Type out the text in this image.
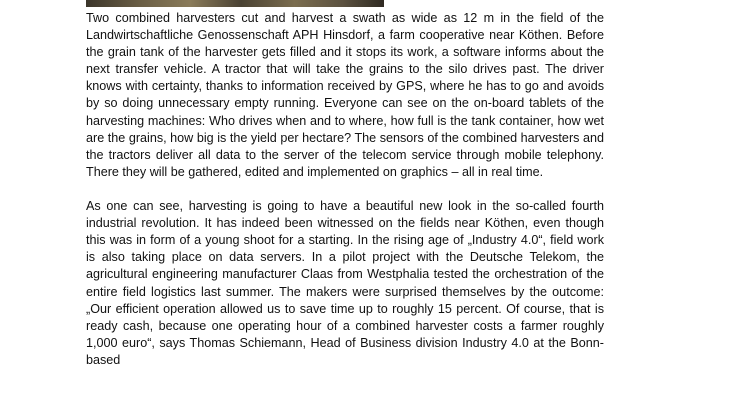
Two combined harvesters cut and harvest a swath as wide as 12 m in the field of the Landwirtschaftliche Genossenschaft APH Hinsdorf, a farm cooperative near Köthen. Before the grain tank of the harvester gets filled and it stops its work, a software informs about the next transfer vehicle. A tractor that will take the grains to the silo drives past. The driver knows with certainty, thanks to information received by GPS, where he has to go and avoids by so doing unnecessary empty running. Everyone can see on the on-board tablets of the harvesting machines: Who drives when and to where, how full is the tank container, how wet are the grains, how big is the yield per hectare? The sensors of the combined harvesters and the tractors deliver all data to the server of the telecom service through mobile telephony. There they will be gathered, edited and implemented on graphics – all in real time.

As one can see, harvesting is going to have a beautiful new look in the so-called fourth industrial revolution. It has indeed been witnessed on the fields near Köthen, even though this was in form of a young shoot for a starting. In the rising age of „Industry 4.0“, field work is also taking place on data servers. In a pilot project with the Deutsche Telekom, the agricultural engineering manufacturer Claas from Westphalia tested the orchestration of the entire field logistics last summer. The makers were surprised themselves by the outcome: „Our efficient operation allowed us to save time up to roughly 15 percent. Of course, that is ready cash, because one operating hour of a combined harvester costs a farmer roughly 1,000 euro“, says Thomas Schiemann, Head of Business division Industry 4.0 at the Bonn-based
